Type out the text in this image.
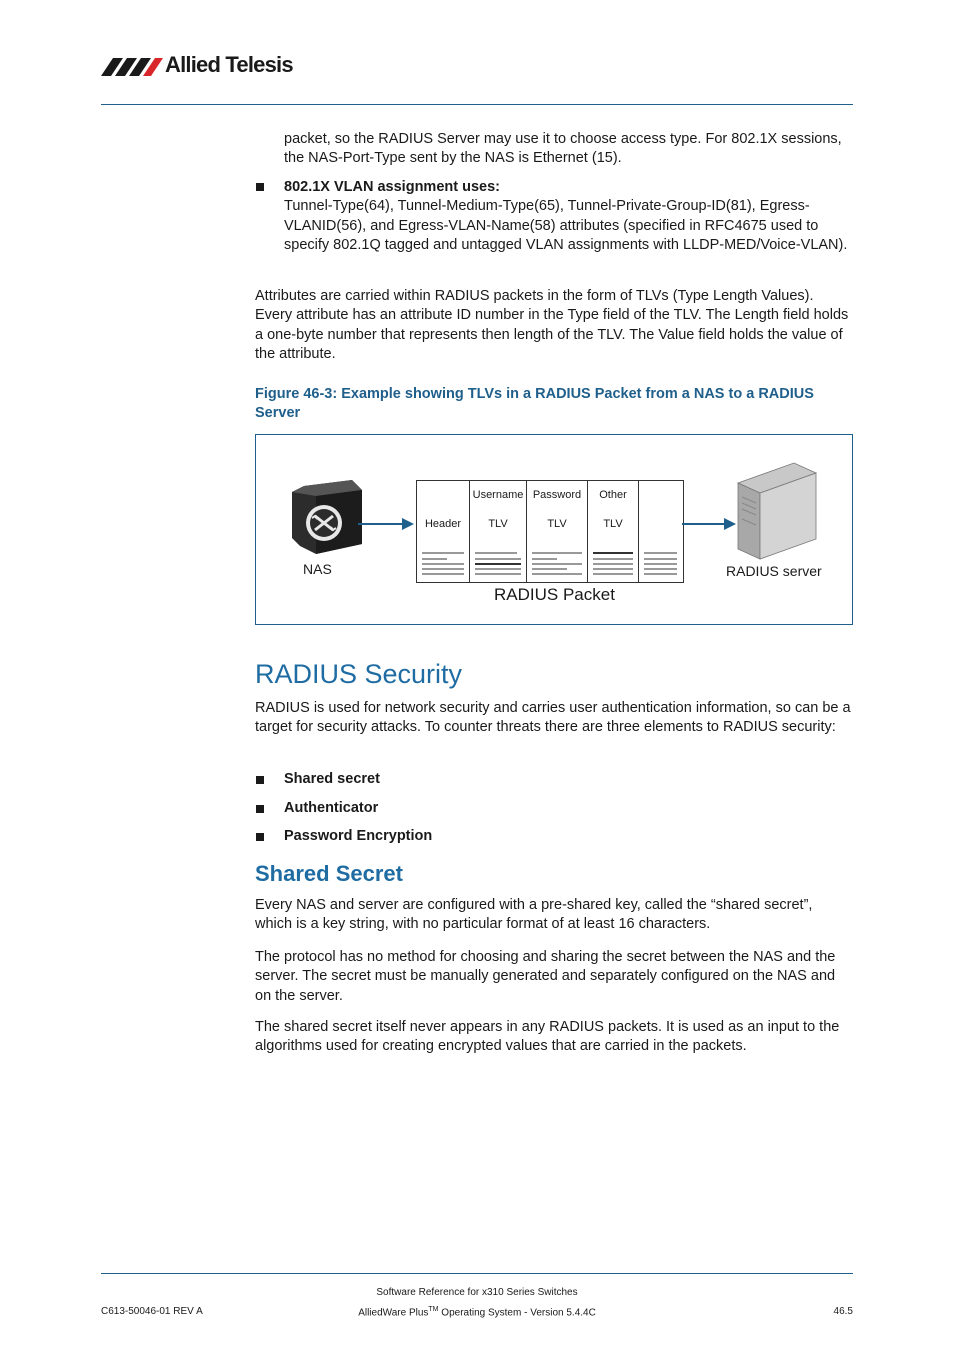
Allied Telesis
packet, so the RADIUS Server may use it to choose access type. For 802.1X sessions, the NAS-Port-Type sent by the NAS is Ethernet (15).
802.1X VLAN assignment uses:
Tunnel-Type(64), Tunnel-Medium-Type(65), Tunnel-Private-Group-ID(81), Egress-VLANID(56), and Egress-VLAN-Name(58) attributes (specified in RFC4675 used to specify 802.1Q tagged and untagged VLAN assignments with LLDP-MED/Voice-VLAN).
Attributes are carried within RADIUS packets in the form of TLVs (Type Length Values). Every attribute has an attribute ID number in the Type field of the TLV. The Length field holds a one-byte number that represents then length of the TLV. The Value field holds the value of the attribute.
Figure 46-3: Example showing TLVs in a RADIUS Packet from a NAS to a RADIUS Server
NAS
Header
Username
TLV
Password
TLV
Other
TLV
RADIUS Packet
RADIUS server
RADIUS Security
RADIUS is used for network security and carries user authentication information, so can be a target for security attacks. To counter threats there are three elements to RADIUS security:
Shared secret
Authenticator
Password Encryption
Shared Secret
Every NAS and server are configured with a pre-shared key, called the “shared secret”, which is a key string, with no particular format of at least 16 characters.
The protocol has no method for choosing and sharing the secret between the NAS and the server. The secret must be manually generated and separately configured on the NAS and on the server.
The shared secret itself never appears in any RADIUS packets. It is used as an input to the algorithms used for creating encrypted values that are carried in the packets.
Software Reference for x310 Series Switches
C613-50046-01 REV A	AlliedWare Plus™ Operating System - Version 5.4.4C	46.5
